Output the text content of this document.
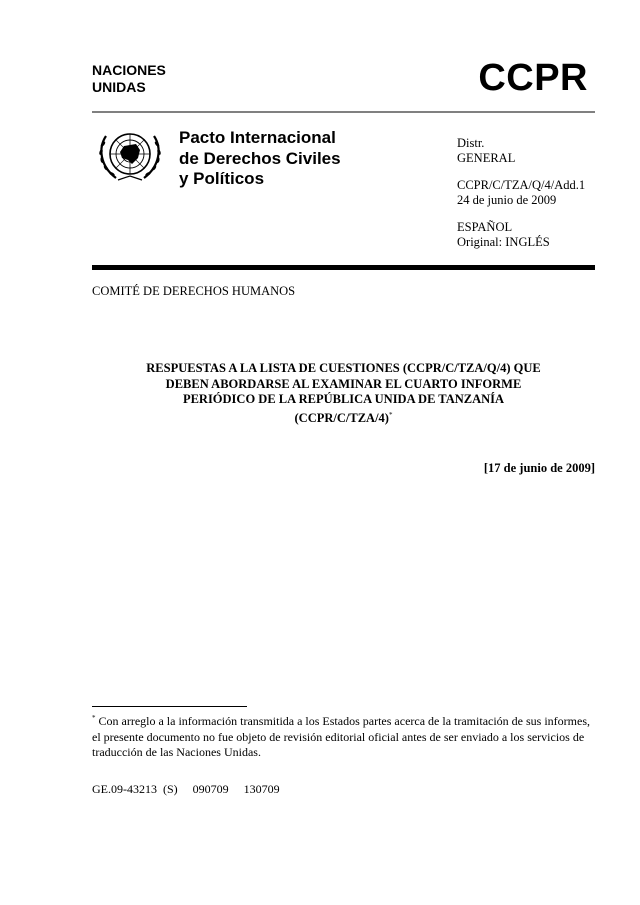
NACIONES
UNIDAS	CCPR
Pacto Internacional
de Derechos Civiles
y Políticos
Distr.
GENERAL
CCPR/C/TZA/Q/4/Add.1
24 de junio de 2009
ESPAÑOL
Original: INGLÉS
COMITÉ DE DERECHOS HUMANOS
RESPUESTAS A LA LISTA DE CUESTIONES (CCPR/C/TZA/Q/4) QUE
DEBEN ABORDARSE AL EXAMINAR EL CUARTO INFORME
PERIÓDICO DE LA REPÚBLICA UNIDA DE TANZANÍA
(CCPR/C/TZA/4)*
[17 de junio de 2009]
* Con arreglo a la información transmitida a los Estados partes acerca de la tramitación de sus informes, el presente documento no fue objeto de revisión editorial oficial antes de ser enviado a los servicios de traducción de las Naciones Unidas.
GE.09-43213  (S)     090709     130709
